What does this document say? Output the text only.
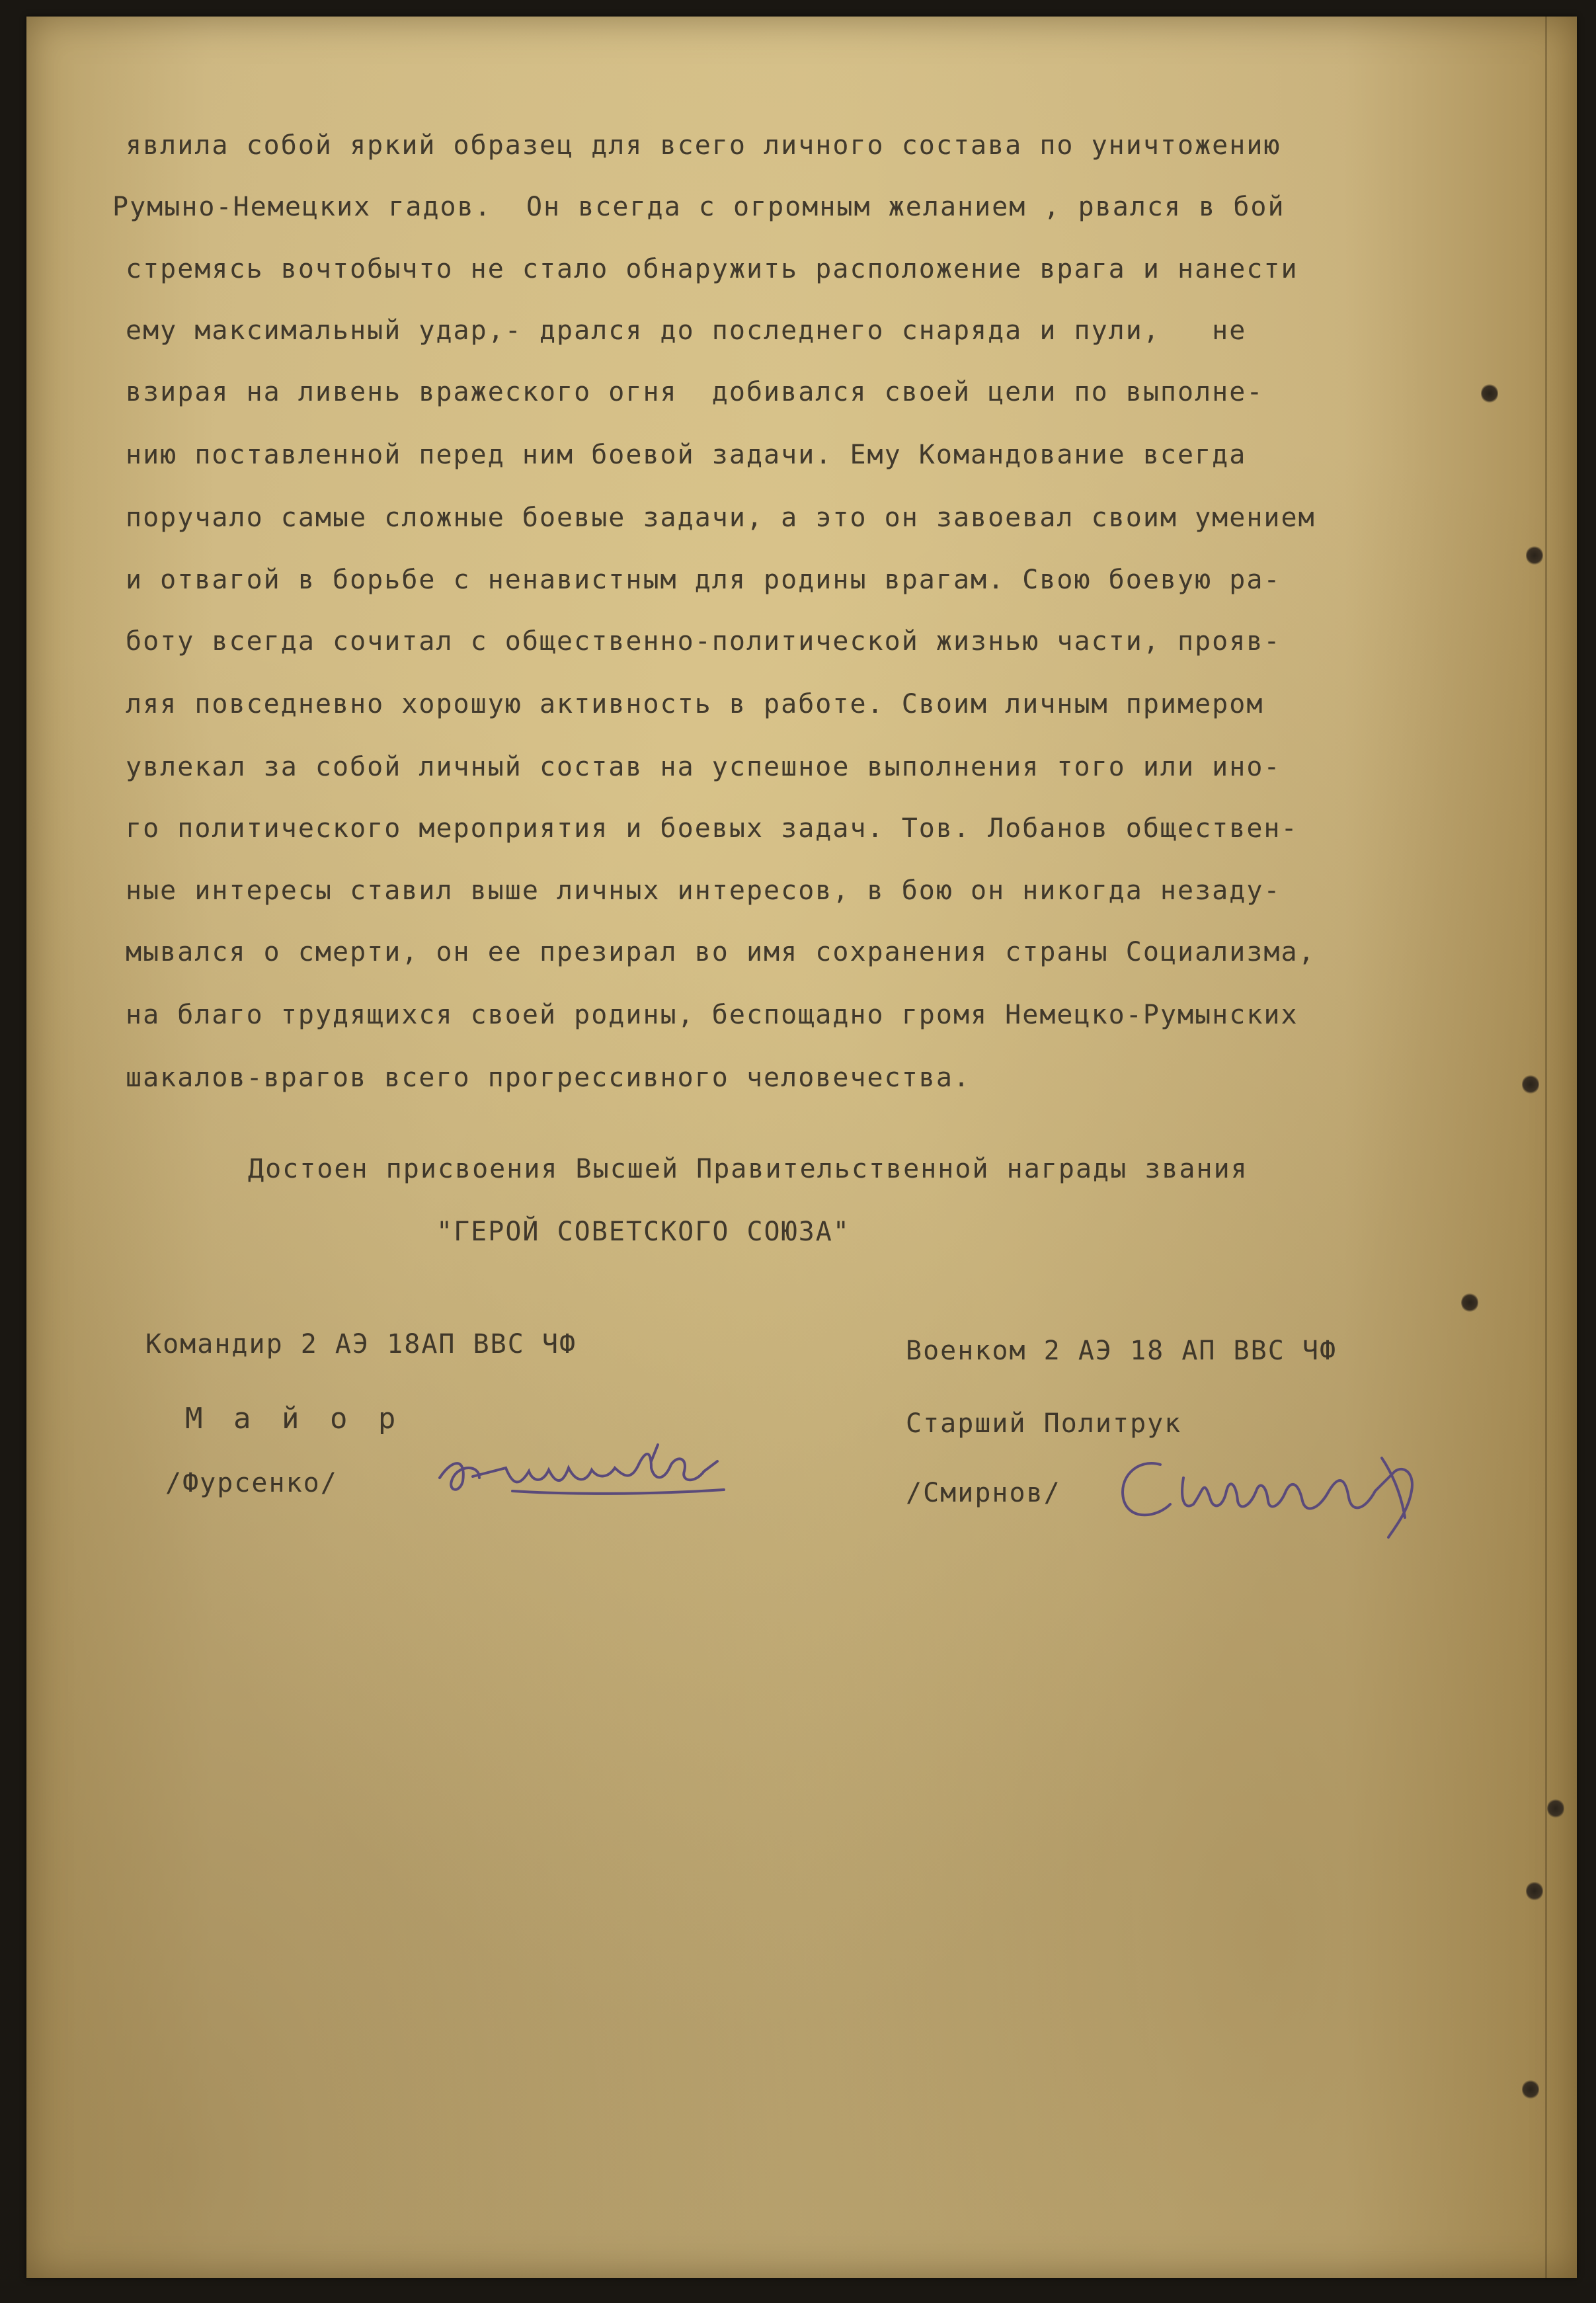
явлила собой яркий образец для всего личного состава по уничтожению
Румыно-Немецких гадов.  Он всегда с огромным желанием , рвался в бой
стремясь вочтобычто не стало обнаружить расположение врага и нанести
ему максимальный удар,- дрался до последнего снаряда и пули,   не
взирая на ливень вражеского огня  добивался своей цели по выполне-
нию поставленной перед ним боевой задачи. Ему Командование всегда
поручало самые сложные боевые задачи, а это он завоевал своим умением
и отвагой в борьбе с ненавистным для родины врагам. Свою боевую ра-
боту всегда сочитал с общественно-политической жизнью части, прояв-
ляя повседневно хорошую активность в работе. Своим личным примером
увлекал за собой личный состав на успешное выполнения того или ино-
го политического мероприятия и боевых задач. Тов. Лобанов обществен-
ные интересы ставил выше личных интересов, в бою он никогда незаду-
мывался о смерти, он ее презирал во имя сохранения страны Социализма,
на благо трудящихся своей родины, беспощадно громя Немецко-Румынских
шакалов-врагов всего прогрессивного человечества.
Достоен присвоения Высшей Правительственной награды звания
"ГЕРОЙ СОВЕТСКОГО СОЮЗА"
Командир 2 АЭ 18АП ВВС ЧФ
М а й о р
/Фурсенко/
Военком 2 АЭ 18 АП ВВС ЧФ
Старший Политрук
/Смирнов/
